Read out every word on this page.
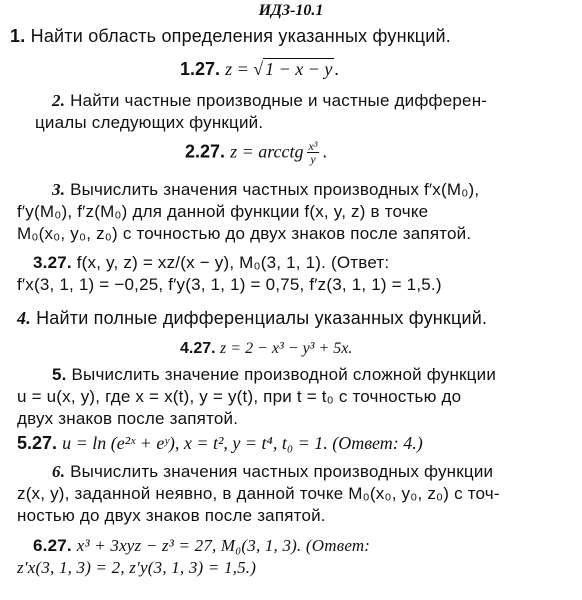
ИДЗ-10.1
1. Найти область определения указанных функций.
1.27. z = √ 1 − x − y .
2. Найти частные производные и частные дифферен-
циалы следующих функций.
2.27. z = arcctg $\frac{\text{x³}}{y}$ .
3. Вычислить значения частных производных f′x(M₀),
f′y(M₀), f′z(M₀) для данной функции f(x, y, z) в точке
M₀(x₀, y₀, z₀) с точностью до двух знаков после запятой.
3.27. f(x, y, z) = xz/(x − y), M₀(3, 1, 1). (Ответ:
f′x(3, 1, 1) = −0,25, f′y(3, 1, 1) = 0,75, f′z(3, 1, 1) = 1,5.)
4. Найти полные дифференциалы указанных функций.
4.27. z = 2 − x³ − y³ + 5x.
5. Вычислить значение производной сложной функции
u = u(x, y), где x = x(t), y = y(t), при t = t₀ с точностью до
двух знаков после запятой.
5.27. u = ln (e²ˣ + eʸ), x = t², y = t⁴, t₀ = 1. (Ответ: 4.)
6. Вычислить значения частных производных функции
z(x, y), заданной неявно, в данной точке M₀(x₀, y₀, z₀) с точ-
ностью до двух знаков после запятой.
6.27. x³ + 3xyz − z³ = 27, M₀(3, 1, 3). (Ответ:
z′x(3, 1, 3) = 2, z′y(3, 1, 3) = 1,5.)
